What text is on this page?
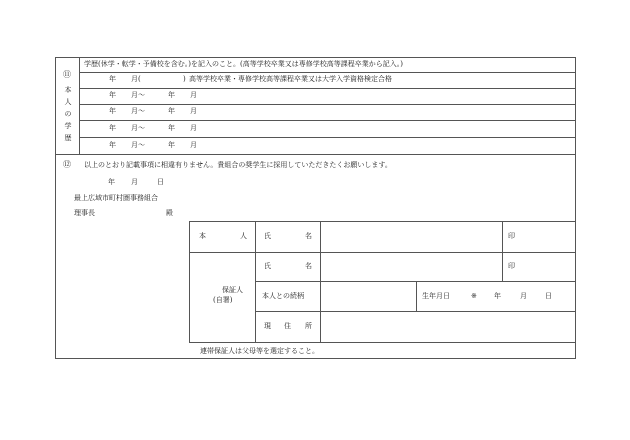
⑪
本
人
の
学
歴
学歴(休学・転学・予備校を含む。)を記入のこと。(高等学校卒業又は専修学校高等課程卒業から記入。)
年 月(	) 高等学校卒業・専修学校高等課程卒業又は大学入学資格検定合格
年 月〜	年 月
年 月〜	年 月
年 月〜	年 月
年 月〜	年 月
⑫ 以上のとおり記載事項に相違有りません。貴組合の奨学生に採用していただきたくお願いします。
年 月	日
最上広域市町村圏事務組合
理事長	殿
本	人 氏	名	印
保証人
(自署)
氏	名	印
本人との続柄	生年月日	※ 年	月	日
現 住 所
連帯保証人は父母等を選定すること。
